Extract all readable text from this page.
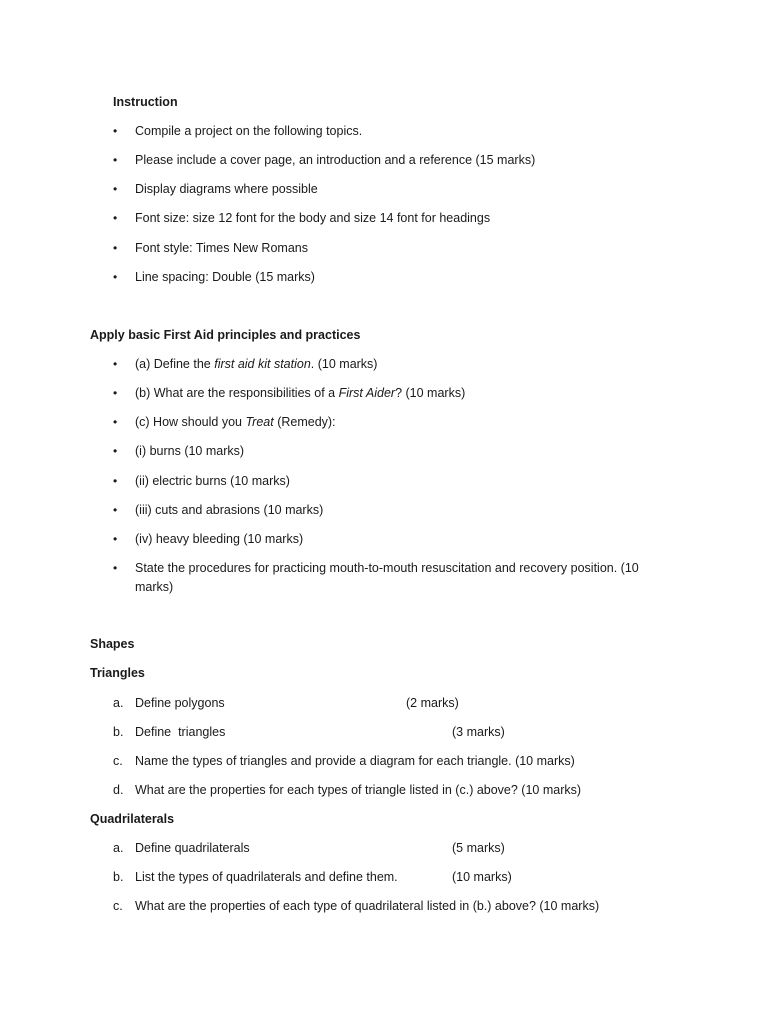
Instruction
• Compile a project on the following topics.
• Please include a cover page, an introduction and a reference (15 marks)
• Display diagrams where possible
• Font size: size 12 font for the body and size 14 font for headings
• Font style: Times New Romans
• Line spacing: Double (15 marks)
Apply basic First Aid principles and practices
• (a) Define the first aid kit station. (10 marks)
• (b) What are the responsibilities of a First Aider? (10 marks)
• (c) How should you Treat (Remedy):
• (i) burns (10 marks)
• (ii) electric burns (10 marks)
• (iii) cuts and abrasions (10 marks)
• (iv) heavy bleeding (10 marks)
• State the procedures for practicing mouth-to-mouth resuscitation and recovery position. (10 marks)
Shapes
Triangles
a. Define polygons	(2 marks)
b. Define  triangles	(3 marks)
c. Name the types of triangles and provide a diagram for each triangle. (10 marks)
d. What are the properties for each types of triangle listed in (c.) above? (10 marks)
Quadrilaterals
a. Define quadrilaterals	(5 marks)
b. List the types of quadrilaterals and define them.	(10 marks)
c. What are the properties of each type of quadrilateral listed in (b.) above? (10 marks)
